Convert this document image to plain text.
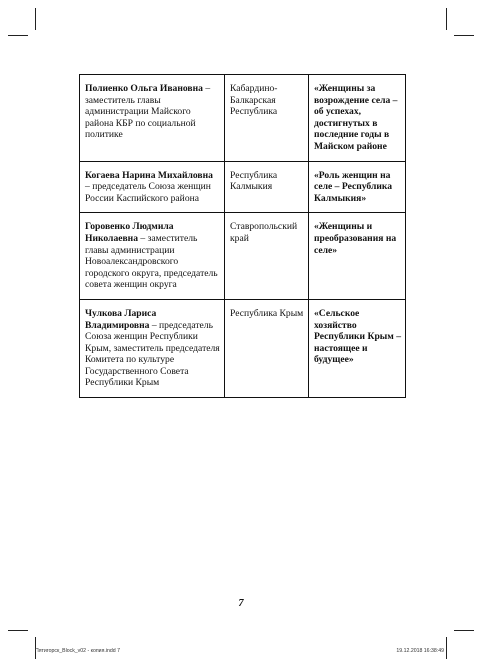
Полиенко Ольга Ивановна – заместитель главы администрации Майского района КБР по социальной политике	Кабардино-Балкарская Республика	«Женщины за возрождение села – об успехах, достигнутых в последние годы в Майском районе
Когаева Нарина Михайловна – председатель Союза женщин России Каспийского района	Республика Калмыкия	«Роль женщин на селе – Республика Калмыкия»
Горовенко Людмила Николаевна – заместитель главы администрации Новоалександровского городского округа, председатель совета женщин округа	Ставропольский край	«Женщины и преобразования на селе»
Чулкова Лариса Владимировна – председатель Союза женщин Республики Крым, заместитель председателя Комитета по культуре Государственного Совета Республики Крым	Республика Крым	«Сельское хозяйство Республики Крым – настоящее и будущее»
7
Пятигорск_Block_v02 - копия.indd 7	19.12.2018 16:38:49
